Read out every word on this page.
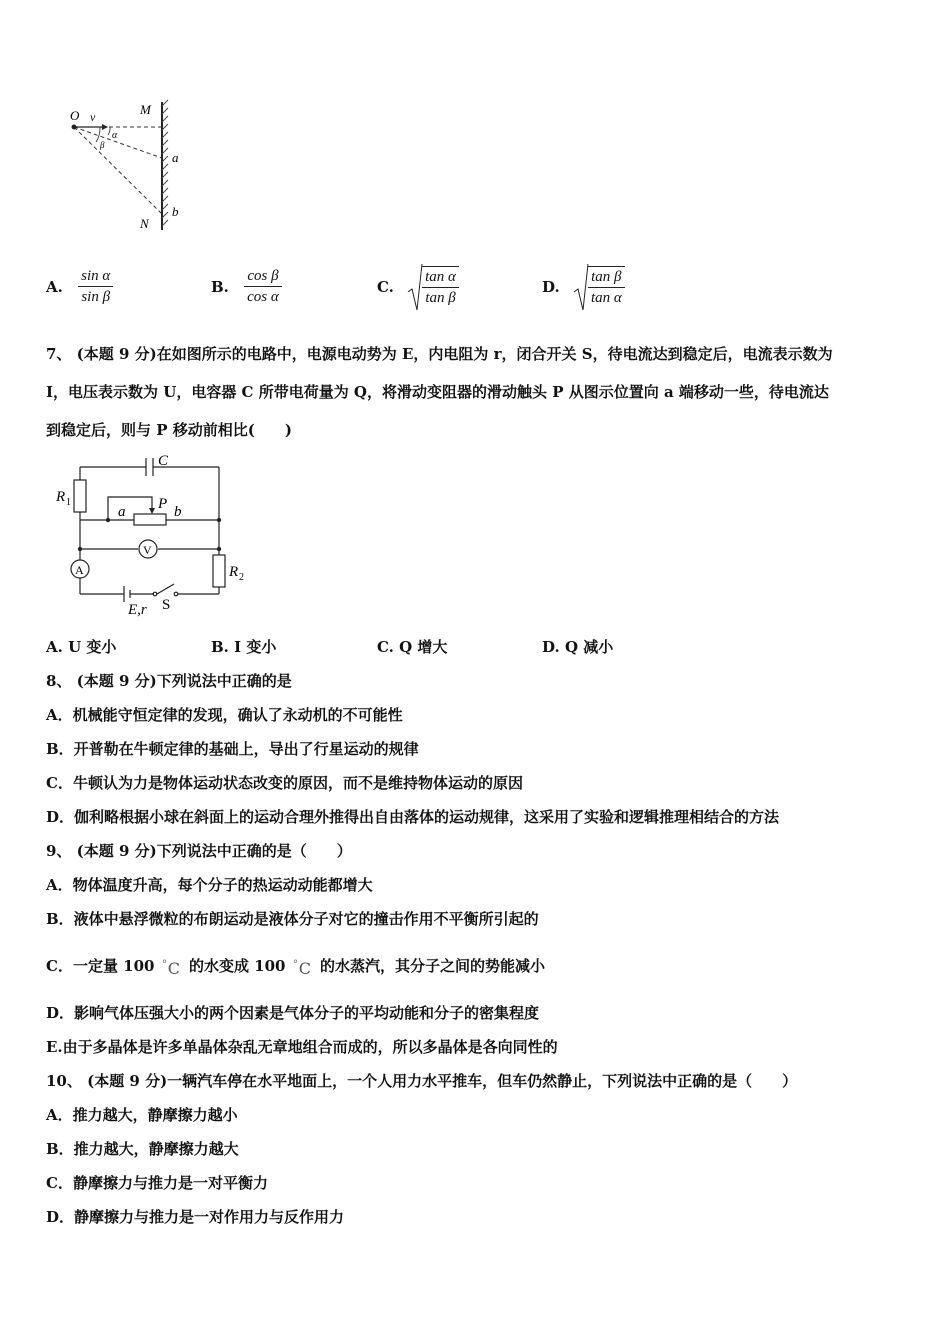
O v	M
α
β
a
b
N
A. $\frac{\text{sin α}}{\text{sin β}}$	B. $\frac{\text{cos β}}{\text{cos α}}$	C. $\frac{\text{tan α}}{\text{tan β}}$	D. $\frac{\text{tan β}}{\text{tan α}}$
7、 (本题 9 分)在如图所示的电路中，电源电动势为 E，内电阻为 r，闭合开关 S，待电流达到稳定后，电流表示数为
I，电压表示数为 U，电容器 C 所带电荷量为 Q，将滑动变阻器的滑动触头 P 从图示位置向 a 端移动一些，待电流达
到稳定后，则与 P 移动前相比(　　)
C
R 1	P
a	b
V
A	R 2
E,r S
A. U 变小	B. I 变小	C. Q 增大	D. Q 减小
8、 (本题 9 分)下列说法中正确的是
A．机械能守恒定律的发现，确认了永动机的不可能性
B．开普勒在牛顿定律的基础上，导出了行星运动的规律
C．牛顿认为力是物体运动状态改变的原因，而不是维持物体运动的原因
D．伽利略根据小球在斜面上的运动合理外推得出自由落体的运动规律，这采用了实验和逻辑推理相结合的方法
9、 (本题 9 分)下列说法中正确的是（　　）
A．物体温度升高，每个分子的热运动动能都增大
B．液体中悬浮微粒的布朗运动是液体分子对它的撞击作用不平衡所引起的
C．一定量 100 ° C 的水变成 100 ° C 的水蒸汽，其分子之间的势能减小
D．影响气体压强大小的两个因素是气体分子的平均动能和分子的密集程度
E.由于多晶体是许多单晶体杂乱无章地组合而成的，所以多晶体是各向同性的
10、 (本题 9 分)一辆汽车停在水平地面上，一个人用力水平推车，但车仍然静止，下列说法中正确的是（　　）
A．推力越大，静摩擦力越小
B．推力越大，静摩擦力越大
C．静摩擦力与推力是一对平衡力
D．静摩擦力与推力是一对作用力与反作用力
